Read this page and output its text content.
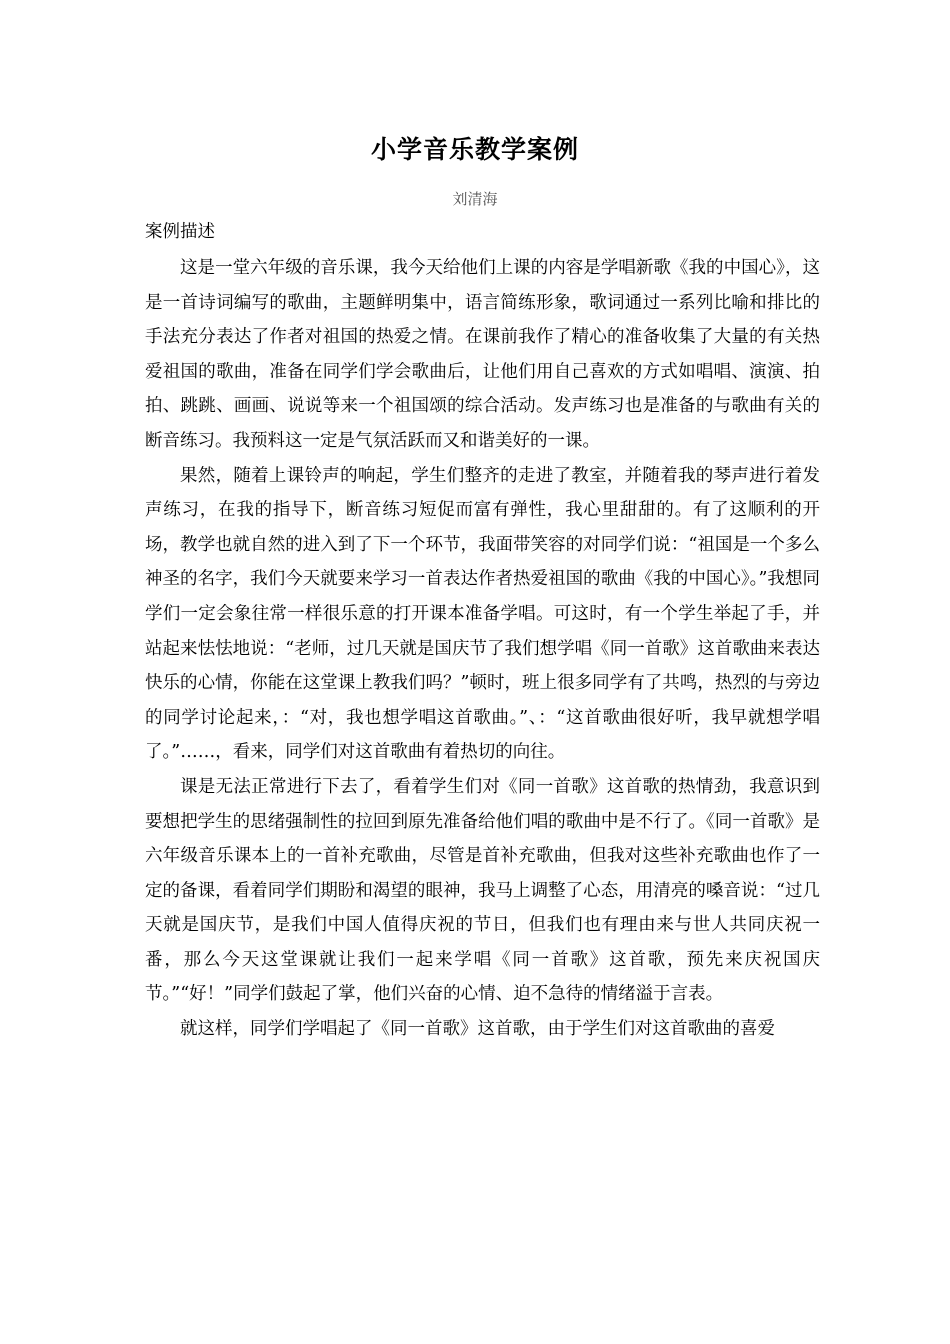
小学音乐教学案例
刘清海
案例描述

这是一堂六年级的音乐课，我今天给他们上课的内容是学唱新歌《我的中国心》，这是一首诗词编写的歌曲，主题鲜明集中，语言简练形象，歌词通过一系列比喻和排比的手法充分表达了作者对祖国的热爱之情。在课前我作了精心的准备收集了大量的有关热爱祖国的歌曲，准备在同学们学会歌曲后，让他们用自己喜欢的方式如唱唱、演演、拍拍、跳跳、画画、说说等来一个祖国颂的综合活动。发声练习也是准备的与歌曲有关的断音练习。我预料这一定是气氛活跃而又和谐美好的一课。

果然，随着上课铃声的响起，学生们整齐的走进了教室，并随着我的琴声进行着发声练习，在我的指导下，断音练习短促而富有弹性，我心里甜甜的。有了这顺利的开场，教学也就自然的进入到了下一个环节，我面带笑容的对同学们说：“祖国是一个多么神圣的名字，我们今天就要来学习一首表达作者热爱祖国的歌曲《我的中国心》。”我想同学们一定会象往常一样很乐意的打开课本准备学唱。可这时，有一个学生举起了手，并站起来怯怯地说：“老师，过几天就是国庆节了我们想学唱《同一首歌》这首歌曲来表达快乐的心情，你能在这堂课上教我们吗？”顿时，班上很多同学有了共鸣，热烈的与旁边的同学讨论起来，：“对，我也想学唱这首歌曲。”、：“这首歌曲很好听，我早就想学唱了。”……，看来，同学们对这首歌曲有着热切的向往。

课是无法正常进行下去了，看着学生们对《同一首歌》这首歌的热情劲，我意识到要想把学生的思绪强制性的拉回到原先准备给他们唱的歌曲中是不行了。《同一首歌》是六年级音乐课本上的一首补充歌曲，尽管是首补充歌曲，但我对这些补充歌曲也作了一定的备课，看着同学们期盼和渴望的眼神，我马上调整了心态，用清亮的嗓音说：“过几天就是国庆节，是我们中国人值得庆祝的节日，但我们也有理由来与世人共同庆祝一番，那么今天这堂课就让我们一起来学唱《同一首歌》这首歌，预先来庆祝国庆节。”“好！”同学们鼓起了掌，他们兴奋的心情、迫不急待的情绪溢于言表。

就这样，同学们学唱起了《同一首歌》这首歌，由于学生们对这首歌曲的喜爱
